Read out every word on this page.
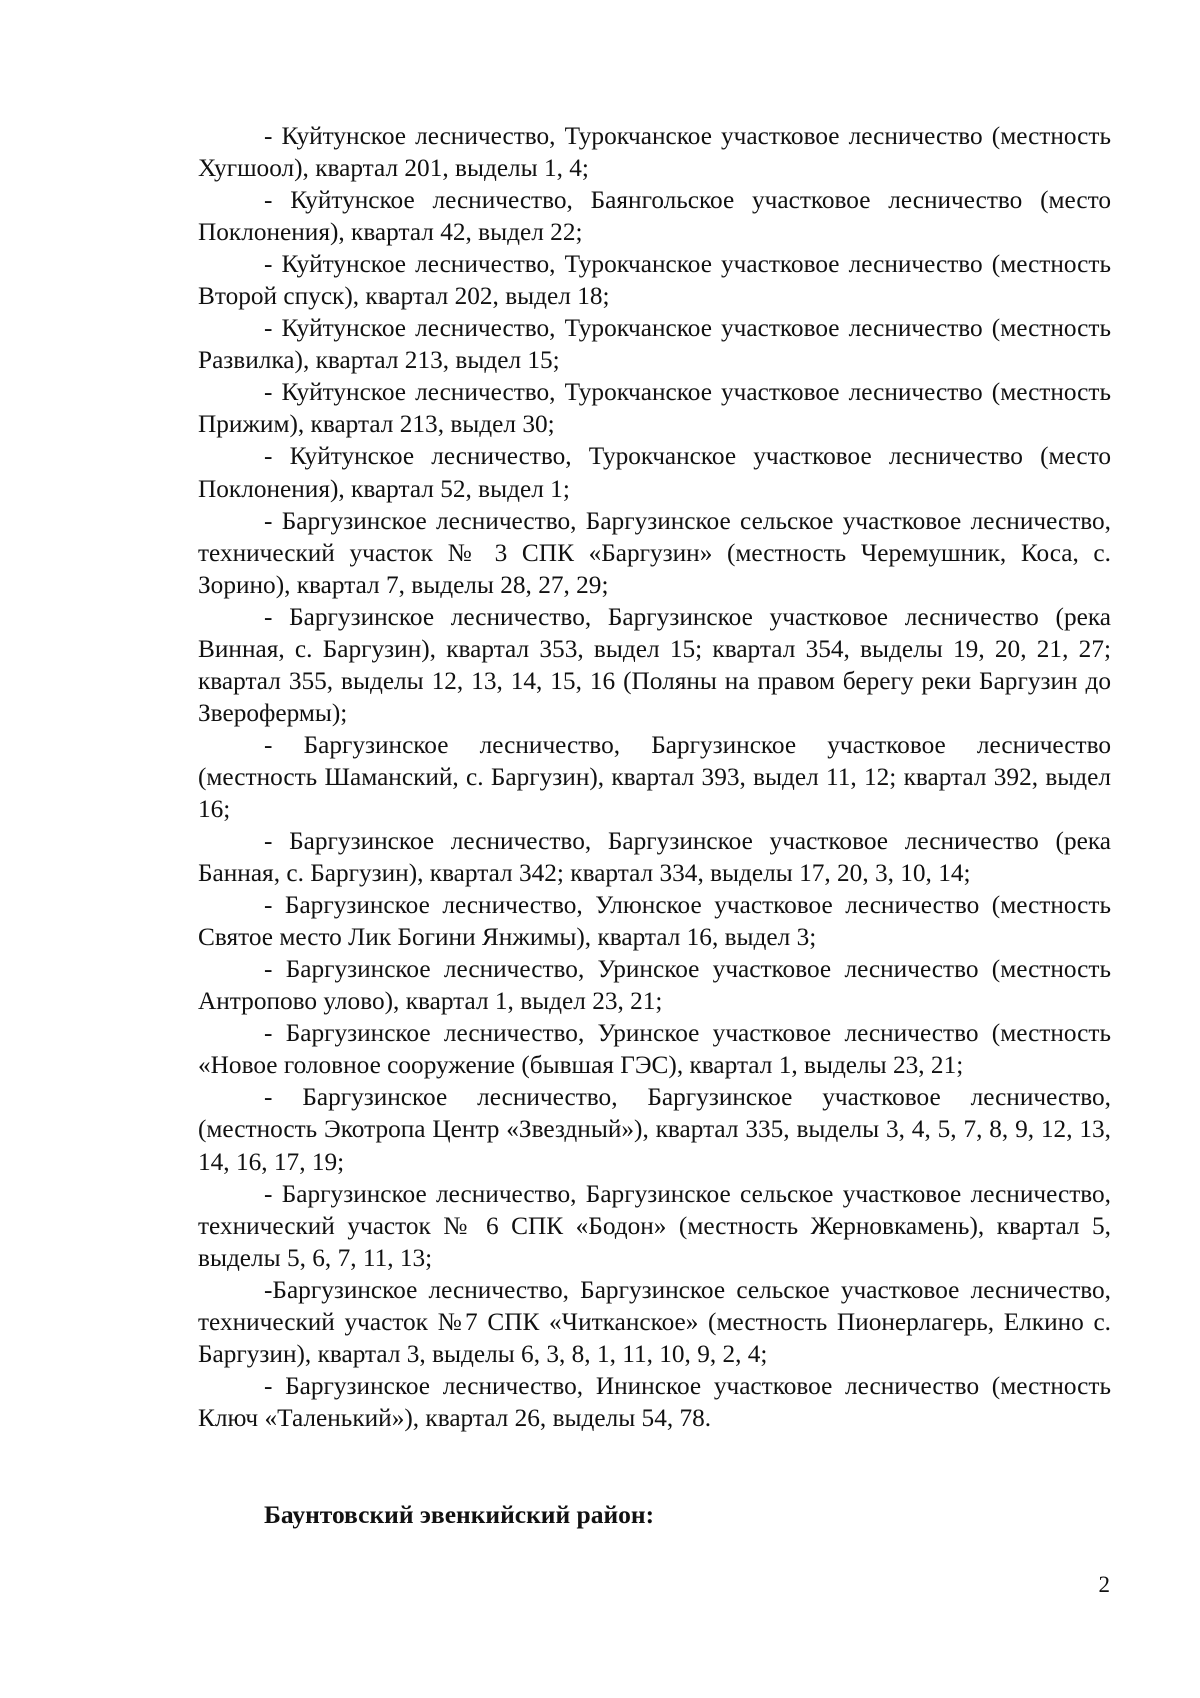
- Куйтунское лесничество, Турокчанское участковое лесничество (местность Хугшоол), квартал 201, выделы 1, 4;

- Куйтунское лесничество, Баянгольское участковое лесничество (место Поклонения), квартал 42, выдел 22;

- Куйтунское лесничество, Турокчанское участковое лесничество (местность Второй спуск), квартал 202, выдел 18;

- Куйтунское лесничество, Турокчанское участковое лесничество (местность Развилка), квартал 213, выдел 15;

- Куйтунское лесничество, Турокчанское участковое лесничество (местность Прижим), квартал 213, выдел 30;

- Куйтунское лесничество, Турокчанское участковое лесничество (место Поклонения), квартал 52, выдел 1;

- Баргузинское лесничество, Баргузинское сельское участковое лесничество, технический участок № 3 СПК «Баргузин» (местность Черемушник, Коса, с. Зорино), квартал 7, выделы 28, 27, 29;

- Баргузинское лесничество, Баргузинское участковое лесничество (река Винная, с. Баргузин), квартал 353, выдел 15; квартал 354, выделы 19, 20, 21, 27; квартал 355, выделы 12, 13, 14, 15, 16 (Поляны на правом берегу реки Баргузин до Зверофермы);

- Баргузинское лесничество, Баргузинское участковое лесничество (местность Шаманский, с. Баргузин), квартал 393, выдел 11, 12; квартал 392, выдел 16;

- Баргузинское лесничество, Баргузинское участковое лесничество (река Банная, с. Баргузин), квартал 342; квартал 334, выделы 17, 20, 3, 10, 14;

- Баргузинское лесничество, Улюнское участковое лесничество (местность Святое место Лик Богини Янжимы), квартал 16, выдел 3;

- Баргузинское лесничество, Уринское участковое лесничество (местность Антропово улово), квартал 1, выдел 23, 21;

- Баргузинское лесничество, Уринское участковое лесничество (местность «Новое головное сооружение (бывшая ГЭС), квартал 1, выделы 23, 21;

- Баргузинское лесничество, Баргузинское участковое лесничество, (местность Экотропа Центр «Звездный»), квартал 335, выделы 3, 4, 5, 7, 8, 9, 12, 13, 14, 16, 17, 19;

- Баргузинское лесничество, Баргузинское сельское участковое лесничество, технический участок № 6 СПК «Бодон» (местность Жерновкамень), квартал 5, выделы 5, 6, 7, 11, 13;

-Баргузинское лесничество, Баргузинское сельское участковое лесничество, технический участок №7 СПК «Читканское» (местность Пионерлагерь, Елкино с. Баргузин), квартал 3, выделы 6, 3, 8, 1, 11, 10, 9, 2, 4;

- Баргузинское лесничество, Ининское участковое лесничество (местность Ключ «Таленький»), квартал 26, выделы 54, 78.

Баунтовский эвенкийский район:

2
